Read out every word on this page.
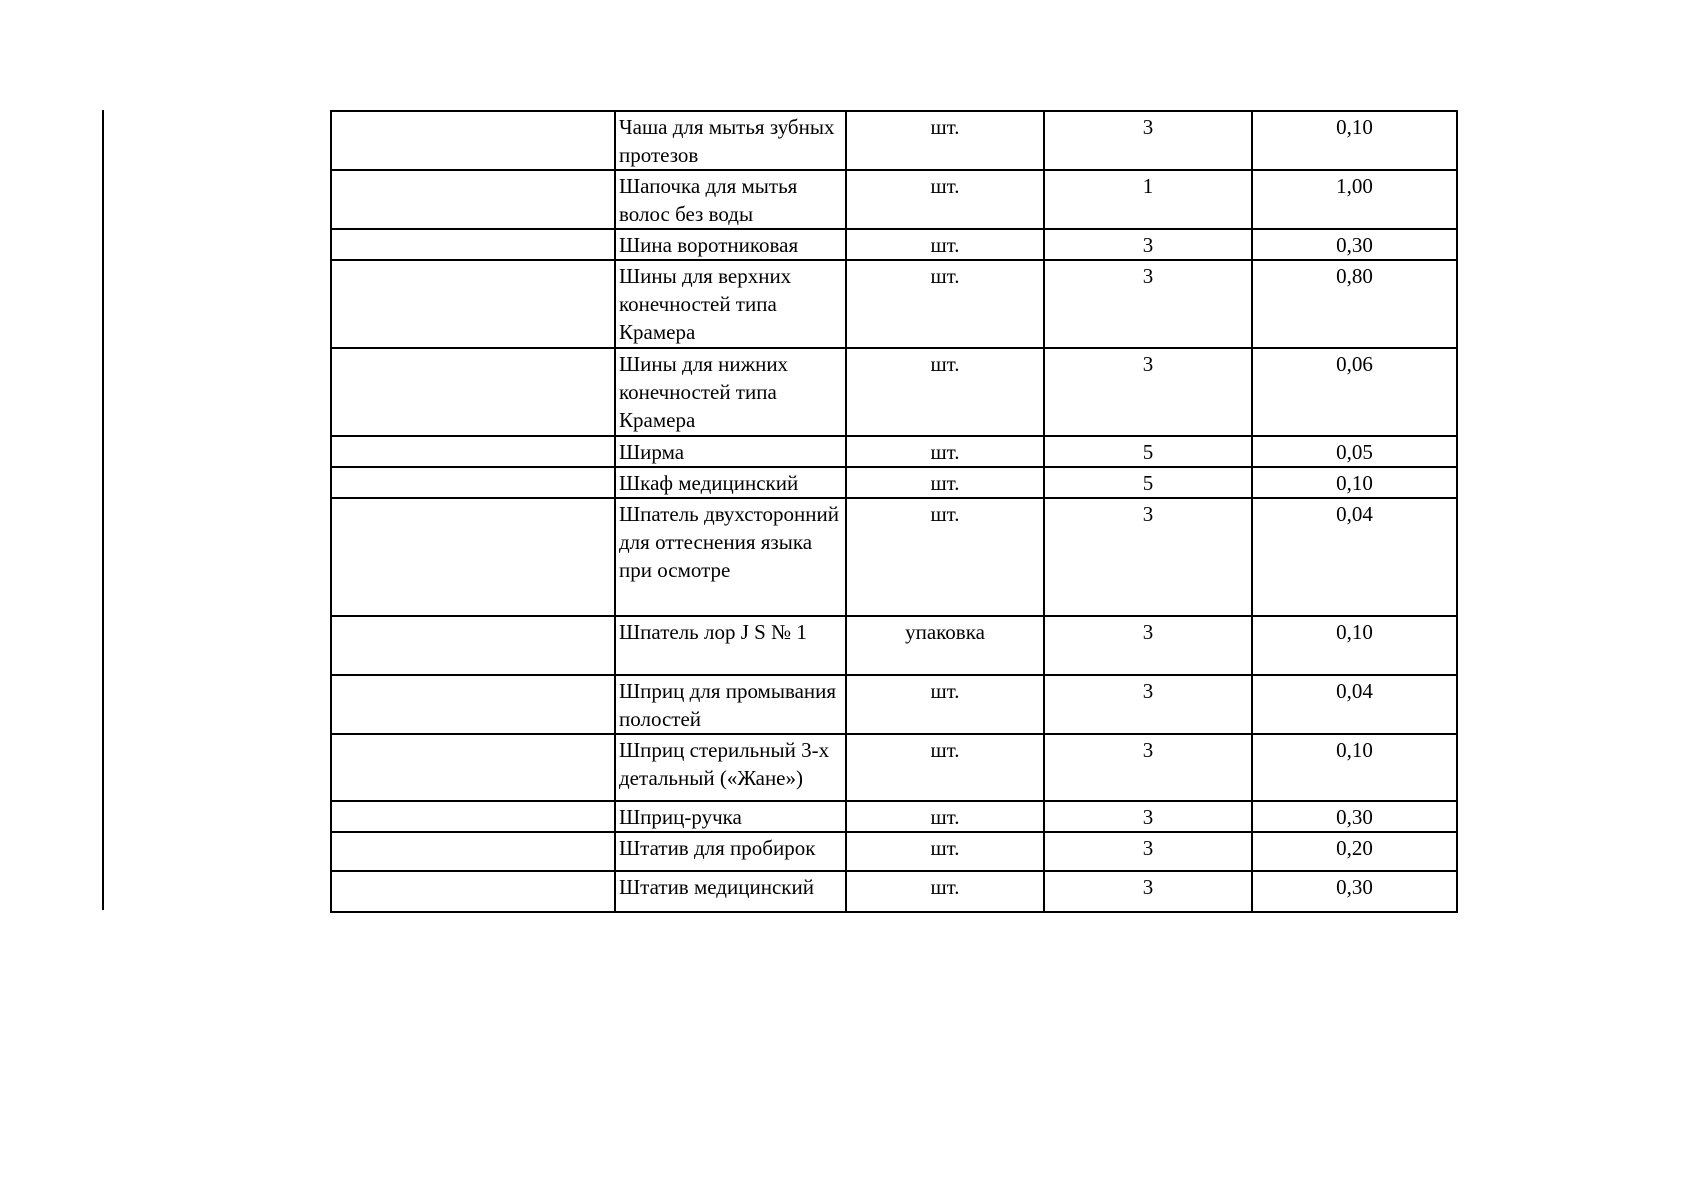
	Чаша для мытья зубных протезов	шт.	3	0,10
	Шапочка для мытья волос без воды	шт.	1	1,00
	Шина воротниковая	шт.	3	0,30
	Шины для верхних конечностей типа Крамера	шт.	3	0,80
	Шины для нижних конечностей типа Крамера	шт.	3	0,06
	Ширма	шт.	5	0,05
	Шкаф медицинский	шт.	5	0,10
	Шпатель двухсторонний для оттеснения языка при осмотре	шт.	3	0,04
	Шпатель лор J S № 1	упаковка	3	0,10
	Шприц для промывания полостей	шт.	3	0,04
	Шприц стерильный 3-х детальный («Жане»)	шт.	3	0,10
	Шприц-ручка	шт.	3	0,30
	Штатив для пробирок	шт.	3	0,20
	Штатив медицинский	шт.	3	0,30
